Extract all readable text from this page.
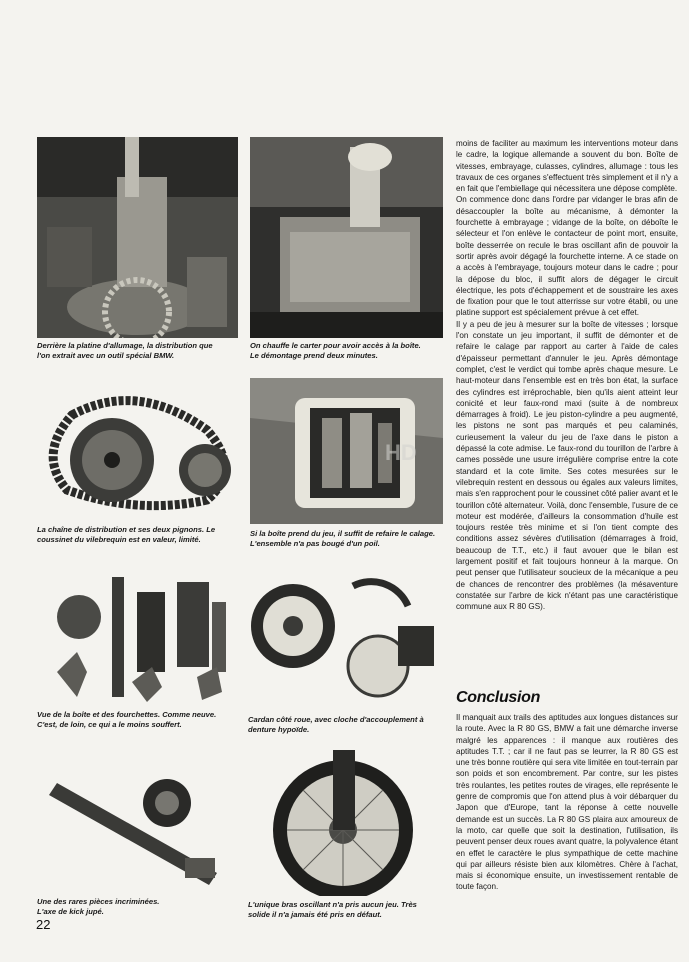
Derrière la platine d'allumage, la distribution que
l'on extrait avec un outil spécial BMW.

On chauffe le carter pour avoir accès à la boîte.
Le démontage prend deux minutes.

La chaîne de distribution et ses deux pignons. Le
coussinet du vilebrequin est en valeur, limité.

HD

Si la boîte prend du jeu, il suffit de refaire le calage.
L'ensemble n'a pas bougé d'un poil.

Vue de la boîte et des fourchettes. Comme neuve.
C'est, de loin, ce qui a le moins souffert.	Cardan côté roue, avec cloche d'accouplement à
denture hypoïde.

Une des rares pièces incriminées.
L'axe de kick jupé.

L'unique bras oscillant n'a pris aucun jeu. Très
solide il n'a jamais été pris en défaut.

moins de faciliter au maximum les interventions moteur dans le cadre, la logique allemande a souvent du bon. Boîte de vitesses, embrayage, culasses, cylindres, allumage : tous les travaux de ces organes s'effectuent très simplement et il n'y a en fait que l'embiellage qui nécessitera une dépose complète.

On commence donc dans l'ordre par vidanger le bras afin de désaccoupler la boîte au mécanisme, à démonter la fourchette à embrayage ; vidange de la boîte, on déboîte le sélecteur et l'on enlève le contacteur de point mort, ensuite, boîte desserrée on recule le bras oscillant afin de pouvoir la sortir après avoir dégagé la fourchette interne. A ce stade on a accès à l'embrayage, toujours moteur dans le cadre ; pour la dépose du bloc, il suffit alors de dégager le circuit électrique, les pots d'échappement et de soustraire les axes de fixation pour que le tout atterrisse sur votre établi, ou une platine support est spécialement prévue à cet effet.

Il y a peu de jeu à mesurer sur la boîte de vitesses ; lorsque l'on constate un jeu important, il suffit de démonter et de refaire le calage par rapport au carter à l'aide de cales d'épaisseur permettant d'annuler le jeu. Après démontage complet, c'est le verdict qui tombe après chaque mesure. Le haut-moteur dans l'ensemble est en très bon état, la surface des cylindres est irréprochable, bien qu'ils aient atteint leur conicité et leur faux-rond maxi (suite à de nombreux démarrages à froid). Le jeu piston-cylindre a peu augmenté, les pistons ne sont pas marqués et peu calaminés, curieusement la valeur du jeu de l'axe dans le piston a dépassé la cote admise. Le faux-rond du tourillon de l'arbre à cames possède une usure irrégulière comprise entre la cote standard et la cote limite. Ses cotes mesurées sur le vilebrequin restent en dessous ou égales aux valeurs limites, mais s'en rapprochent pour le coussinet côté palier avant et le tourillon côté alternateur. Voilà, donc l'ensemble, l'usure de ce moteur est modérée, d'ailleurs la consommation d'huile est toujours restée très minime et si l'on tient compte des conditions assez sévères d'utilisation (démarrages à froid, beaucoup de T.T., etc.) il faut avouer que le bilan est largement positif et fait toujours honneur à la marque. On peut penser que l'utilisateur soucieux de la mécanique a peu de chances de rencontrer des problèmes (la mésaventure constatée sur l'arbre de kick n'étant pas une caractéristique commune aux R 80 GS).

Conclusion

Il manquait aux trails des aptitudes aux longues distances sur la route. Avec la R 80 GS, BMW a fait une démarche inverse malgré les apparences : il manque aux routières des aptitudes T.T. ; car il ne faut pas se leurrer, la R 80 GS est une très bonne routière qui sera vite limitée en tout-terrain par son poids et son encombrement. Par contre, sur les pistes très roulantes, les petites routes de virages, elle représente le genre de compromis que l'on attend plus à voir débarquer du Japon que d'Europe, tant la réponse à cette nouvelle demande est un succès. La R 80 GS plaira aux amoureux de la moto, car quelle que soit la destination, l'utilisation, ils peuvent penser deux roues avant quatre, la polyvalence étant en effet le caractère le plus sympathique de cette machine qui par ailleurs résiste bien aux kilomètres. Chère à l'achat, mais si économique ensuite, un investissement rentable de toute façon.

22
